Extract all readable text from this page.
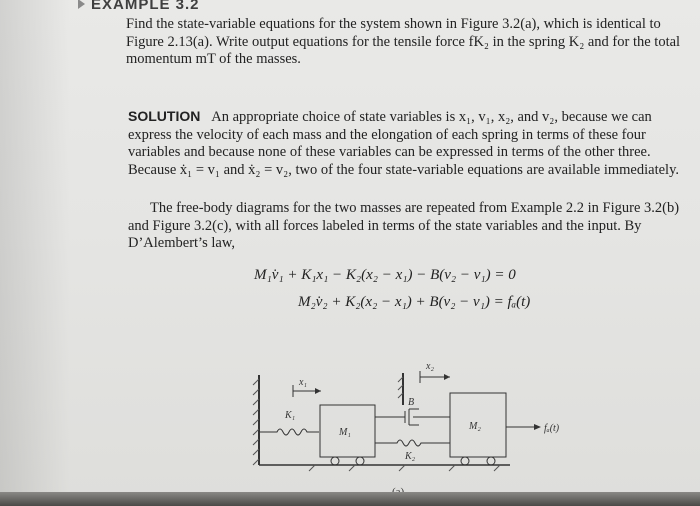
EXAMPLE 3.2

Find the state-variable equations for the system shown in Figure 3.2(a), which is identical to Figure 2.13(a). Write output equations for the tensile force fK₂ in the spring K₂ and for the total momentum mT of the masses.

SOLUTION An appropriate choice of state variables is x₁, v₁, x₂, and v₂, because we can express the velocity of each mass and the elongation of each spring in terms of these four variables and because none of these variables can be expressed in terms of the other three. Because ẋ₁ = v₁ and ẋ₂ = v₂, two of the four state-variable equations are available immediately.

The free-body diagrams for the two masses are repeated from Example 2.2 in Figure 3.2(b) and Figure 3.2(c), with all forces labeled in terms of the state variables and the input. By D’Alembert’s law,

M₁v̇₁ + K₁x₁ − K₂(x₂ − x₁) − B(v₂ − v₁) = 0
M₂v̇₂ + K₂(x₂ − x₁) + B(v₂ − v₁) = fₐ(t)
x₁
K₁
M₁
x₂
B
K₂
M₂	fₐ(t)
